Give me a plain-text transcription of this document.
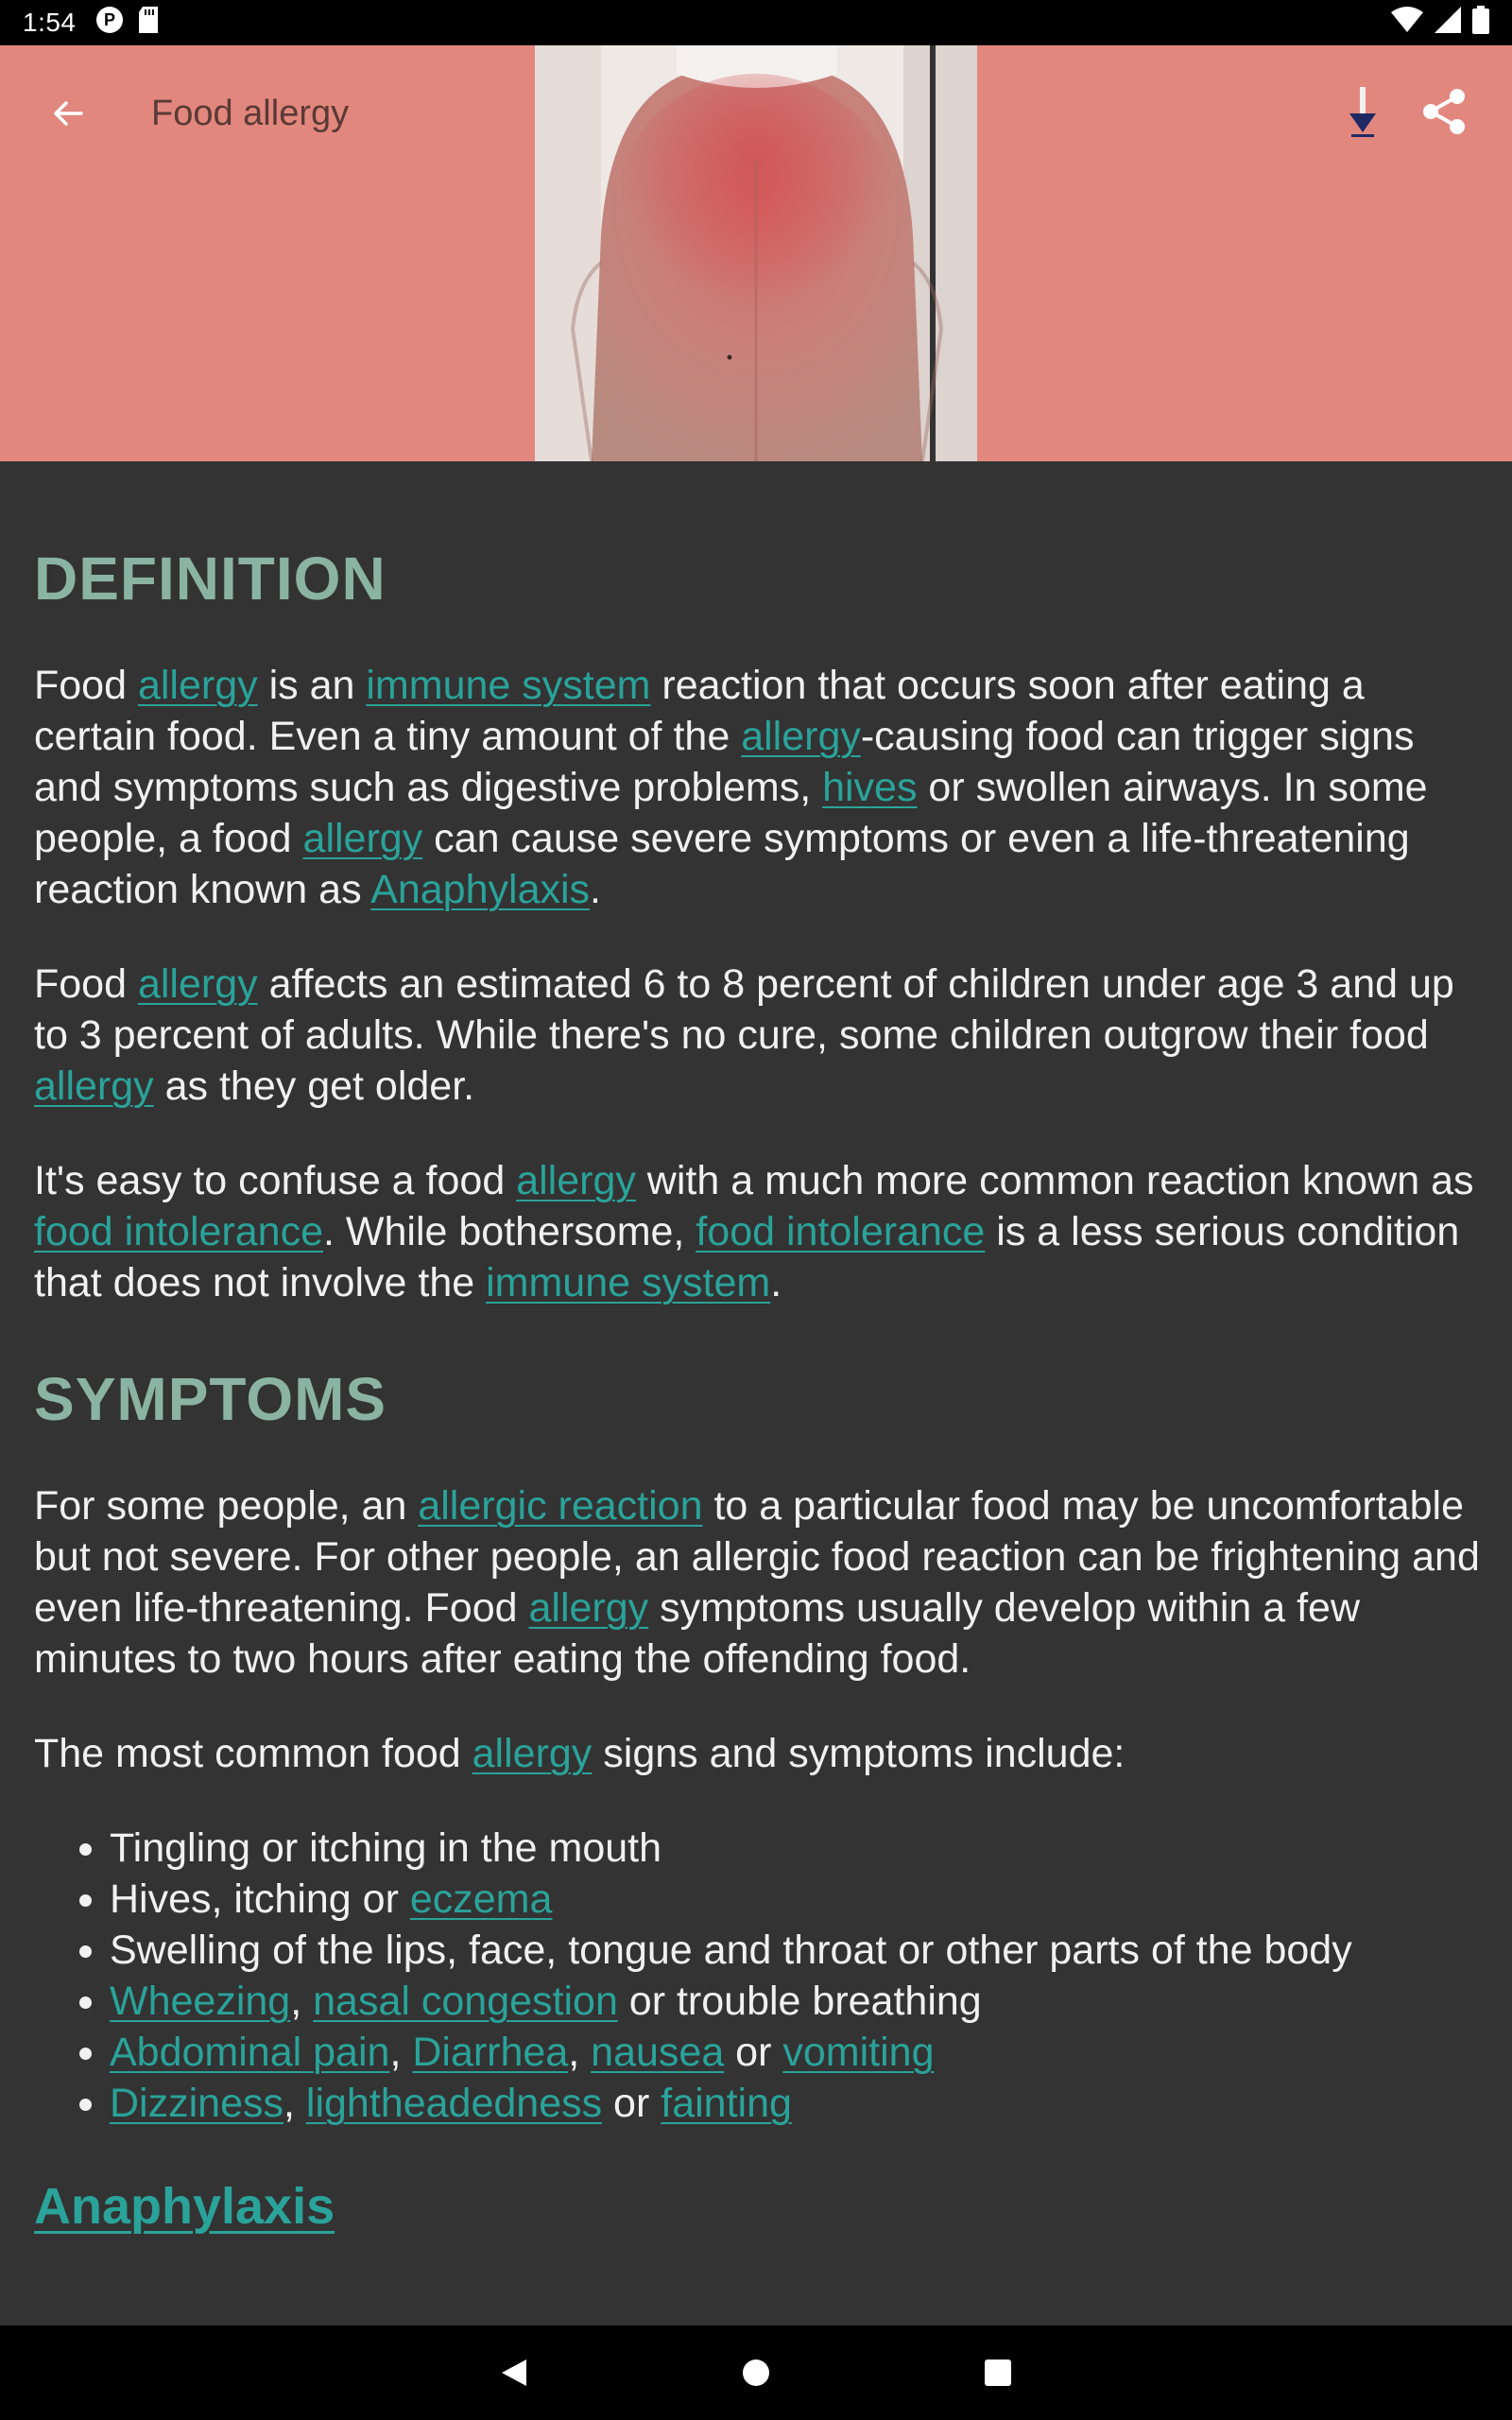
1:54 P
Food allergy
DEFINITION

Food allergy is an immune system reaction that occurs soon after eating a certain food. Even a tiny amount of the allergy-causing food can trigger signs and symptoms such as digestive problems, hives or swollen airways. In some people, a food allergy can cause severe symptoms or even a life-threatening reaction known as Anaphylaxis.

Food allergy affects an estimated 6 to 8 percent of children under age 3 and up to 3 percent of adults. While there's no cure, some children outgrow their food allergy as they get older.

It's easy to confuse a food allergy with a much more common reaction known as food intolerance. While bothersome, food intolerance is a less serious condition that does not involve the immune system.

SYMPTOMS

For some people, an allergic reaction to a particular food may be uncomfortable but not severe. For other people, an allergic food reaction can be frightening and even life-threatening. Food allergy symptoms usually develop within a few minutes to two hours after eating the offending food.

The most common food allergy signs and symptoms include:

• Tingling or itching in the mouth
• Hives, itching or eczema
• Swelling of the lips, face, tongue and throat or other parts of the body
• Wheezing, nasal congestion or trouble breathing
• Abdominal pain, Diarrhea, nausea or vomiting
• Dizziness, lightheadedness or fainting
Anaphylaxis
